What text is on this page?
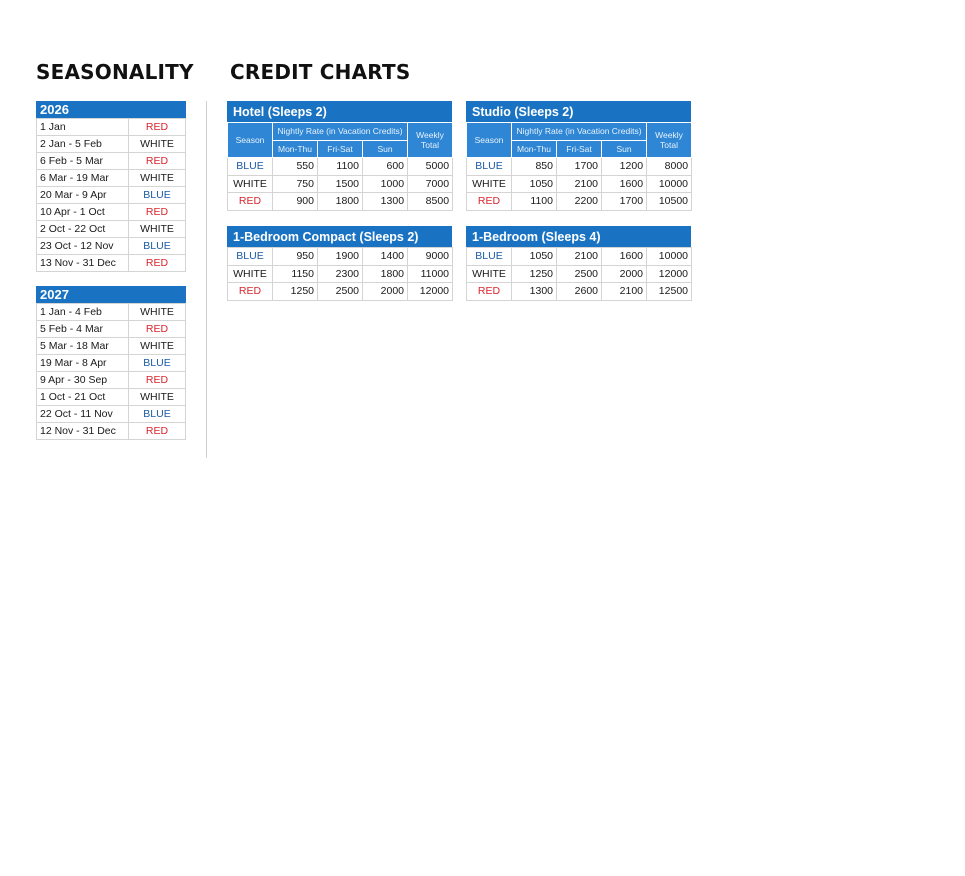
SEASONALITY CREDIT CHARTS
2026
1 Jan	RED
2 Jan - 5 Feb	WHITE
6 Feb - 5 Mar	RED
6 Mar - 19 Mar	WHITE
20 Mar - 9 Apr	BLUE
10 Apr - 1 Oct	RED
2 Oct - 22 Oct	WHITE
23 Oct - 12 Nov	BLUE
13 Nov - 31 Dec	RED
2027
1 Jan - 4 Feb	WHITE
5 Feb - 4 Mar	RED
5 Mar - 18 Mar	WHITE
19 Mar - 8 Apr	BLUE
9 Apr - 30 Sep	RED
1 Oct - 21 Oct	WHITE
22 Oct - 11 Nov	BLUE
12 Nov - 31 Dec	RED
Hotel (Sleeps 2)
Season	Nightly Rate (in Vacation Credits)			Weekly Total
	Mon-Thu	Fri-Sat	Sun	
BLUE	550	1100	600	5000
WHITE	750	1500	1000	7000
RED	900	1800	1300	8500
Studio (Sleeps 2)
Season	Nightly Rate (in Vacation Credits)			Weekly Total
	Mon-Thu	Fri-Sat	Sun	
BLUE	850	1700	1200	8000
WHITE	1050	2100	1600	10000
RED	1100	2200	1700	10500
1-Bedroom Compact (Sleeps 2)
BLUE	950	1900	1400	9000
WHITE	1150	2300	1800	11000
RED	1250	2500	2000	12000
1-Bedroom (Sleeps 4)
BLUE	1050	2100	1600	10000
WHITE	1250	2500	2000	12000
RED	1300	2600	2100	12500
